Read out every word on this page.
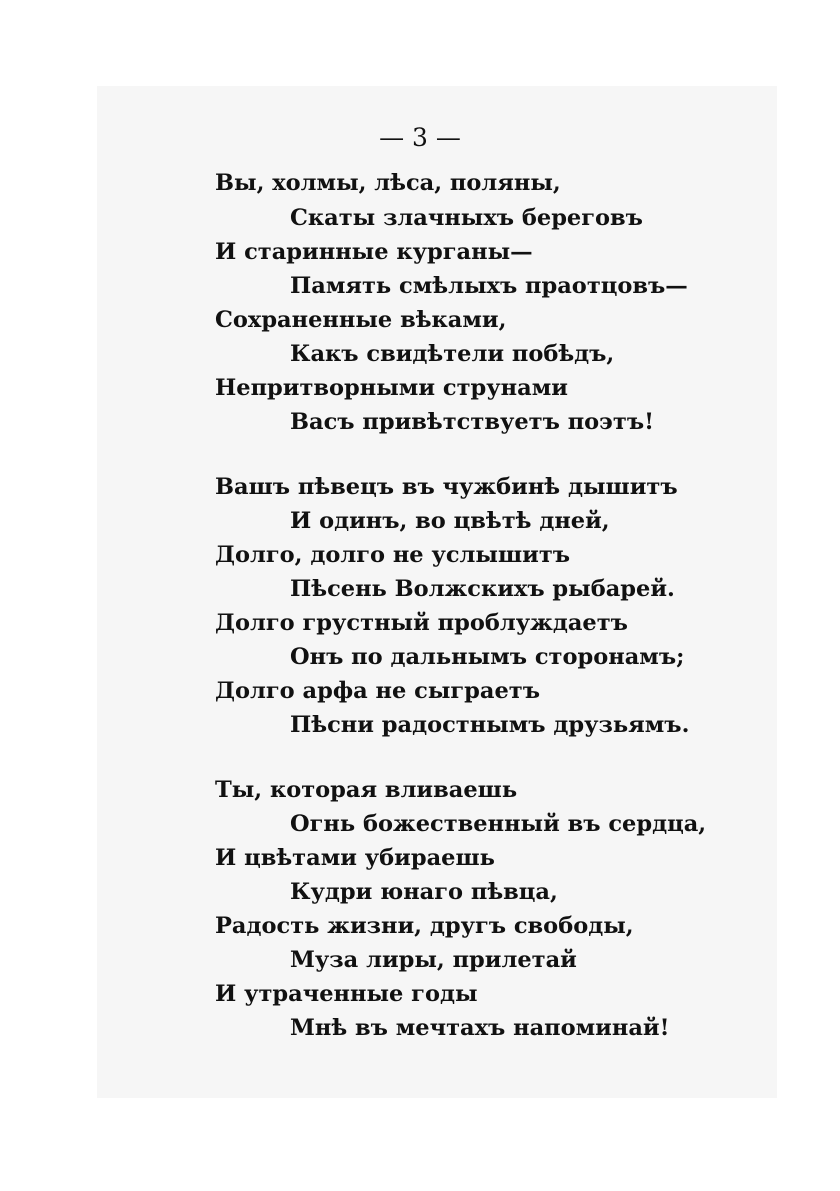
— 3 —
Вы, холмы, лѣса, поляны,
Скаты злачныхъ береговъ
И старинные курганы—
Память смѣлыхъ праотцовъ—
Сохраненные вѣками,
Какъ свидѣтели побѣдъ,
Непритворными струнами
Васъ привѣтствуетъ поэтъ!
Вашъ пѣвецъ въ чужбинѣ дышитъ
И одинъ, во цвѣтѣ дней,
Долго, долго не услышитъ
Пѣсень Волжскихъ рыбарей.
Долго грустный проблуждаетъ
Онъ по дальнымъ сторонамъ;
Долго арфа не сыграетъ
Пѣсни радостнымъ друзьямъ.
Ты, которая вливаешь
Огнь божественный въ сердца,
И цвѣтами убираешь
Кудри юнаго пѣвца,
Радость жизни, другъ свободы,
Муза лиры, прилетай
И утраченные годы
Мнѣ въ мечтахъ напоминай!
